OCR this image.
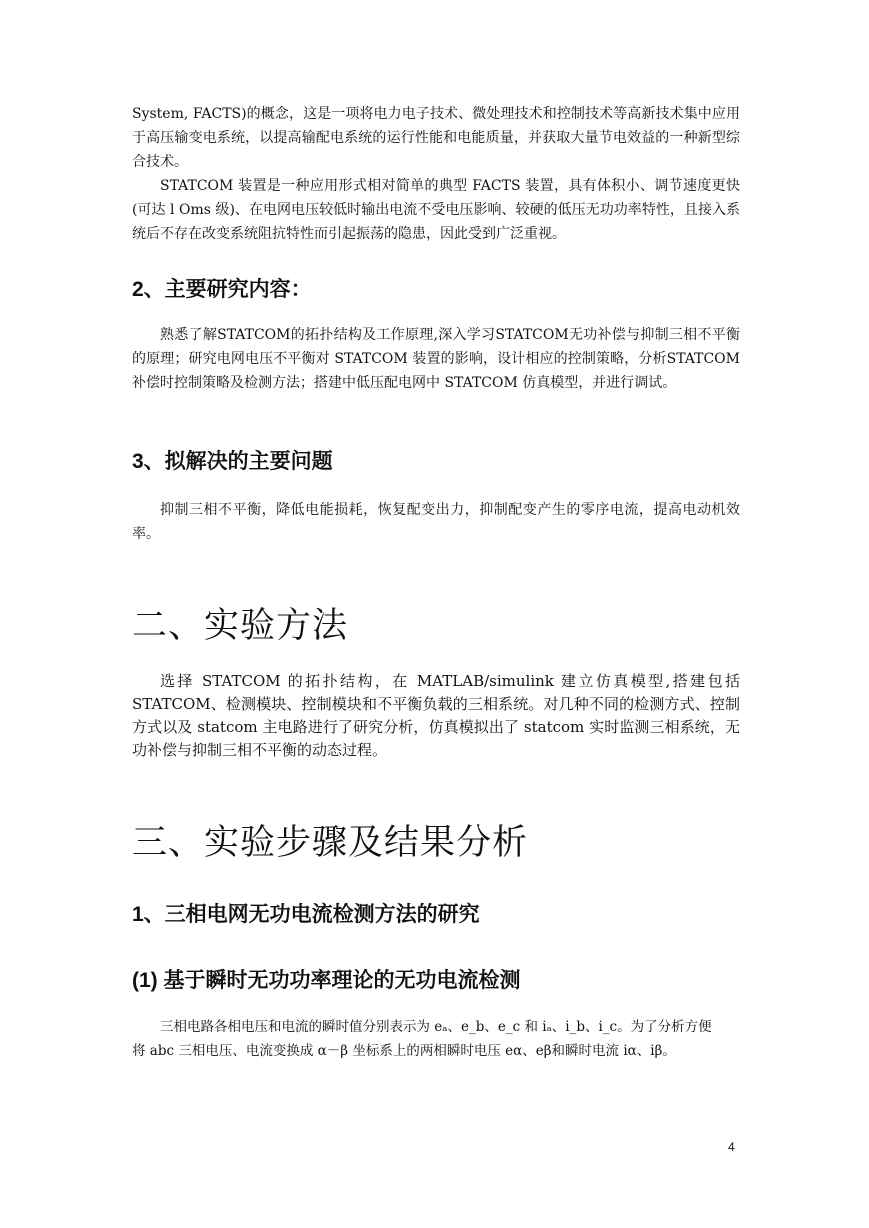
System, FACTS)的概念，这是一项将电力电子技术、微处理技术和控制技术等高新技术集中应用于高压输变电系统，以提高输配电系统的运行性能和电能质量，并获取大量节电效益的一种新型综合技术。

STATCOM 装置是一种应用形式相对简单的典型 FACTS 装置，具有体积小、调节速度更快(可达 l Oms 级)、在电网电压较低时输出电流不受电压影响、较硬的低压无功功率特性，且接入系统后不存在改变系统阻抗特性而引起振荡的隐患，因此受到广泛重视。

2、主要研究内容：

熟悉了解STATCOM的拓扑结构及工作原理,深入学习STATCOM无功补偿与抑制三相不平衡的原理；研究电网电压不平衡对 STATCOM 装置的影响，设计相应的控制策略，分析STATCOM 补偿时控制策略及检测方法；搭建中低压配电网中 STATCOM 仿真模型，并进行调试。

3、拟解决的主要问题

抑制三相不平衡，降低电能损耗，恢复配变出力，抑制配变产生的零序电流，提高电动机效率。

二、实验方法

选择 STATCOM 的拓扑结构，在 MATLAB/simulink 建立仿真模型,搭建包括STATCOM、检测模块、控制模块和不平衡负载的三相系统。对几种不同的检测方式、控制方式以及 statcom 主电路进行了研究分析，仿真模拟出了 statcom 实时监测三相系统，无功补偿与抑制三相不平衡的动态过程。

三、实验步骤及结果分析
1、三相电网无功电流检测方法的研究
(1) 基于瞬时无功功率理论的无功电流检测

三相电路各相电压和电流的瞬时值分别表示为 eₐ、e_b、e_c 和 iₐ、i_b、i_c。为了分析方便

将 abc 三相电压、电流变换成 α－β 坐标系上的两相瞬时电压 eα、eβ和瞬时电流 iα、iβ。

4
